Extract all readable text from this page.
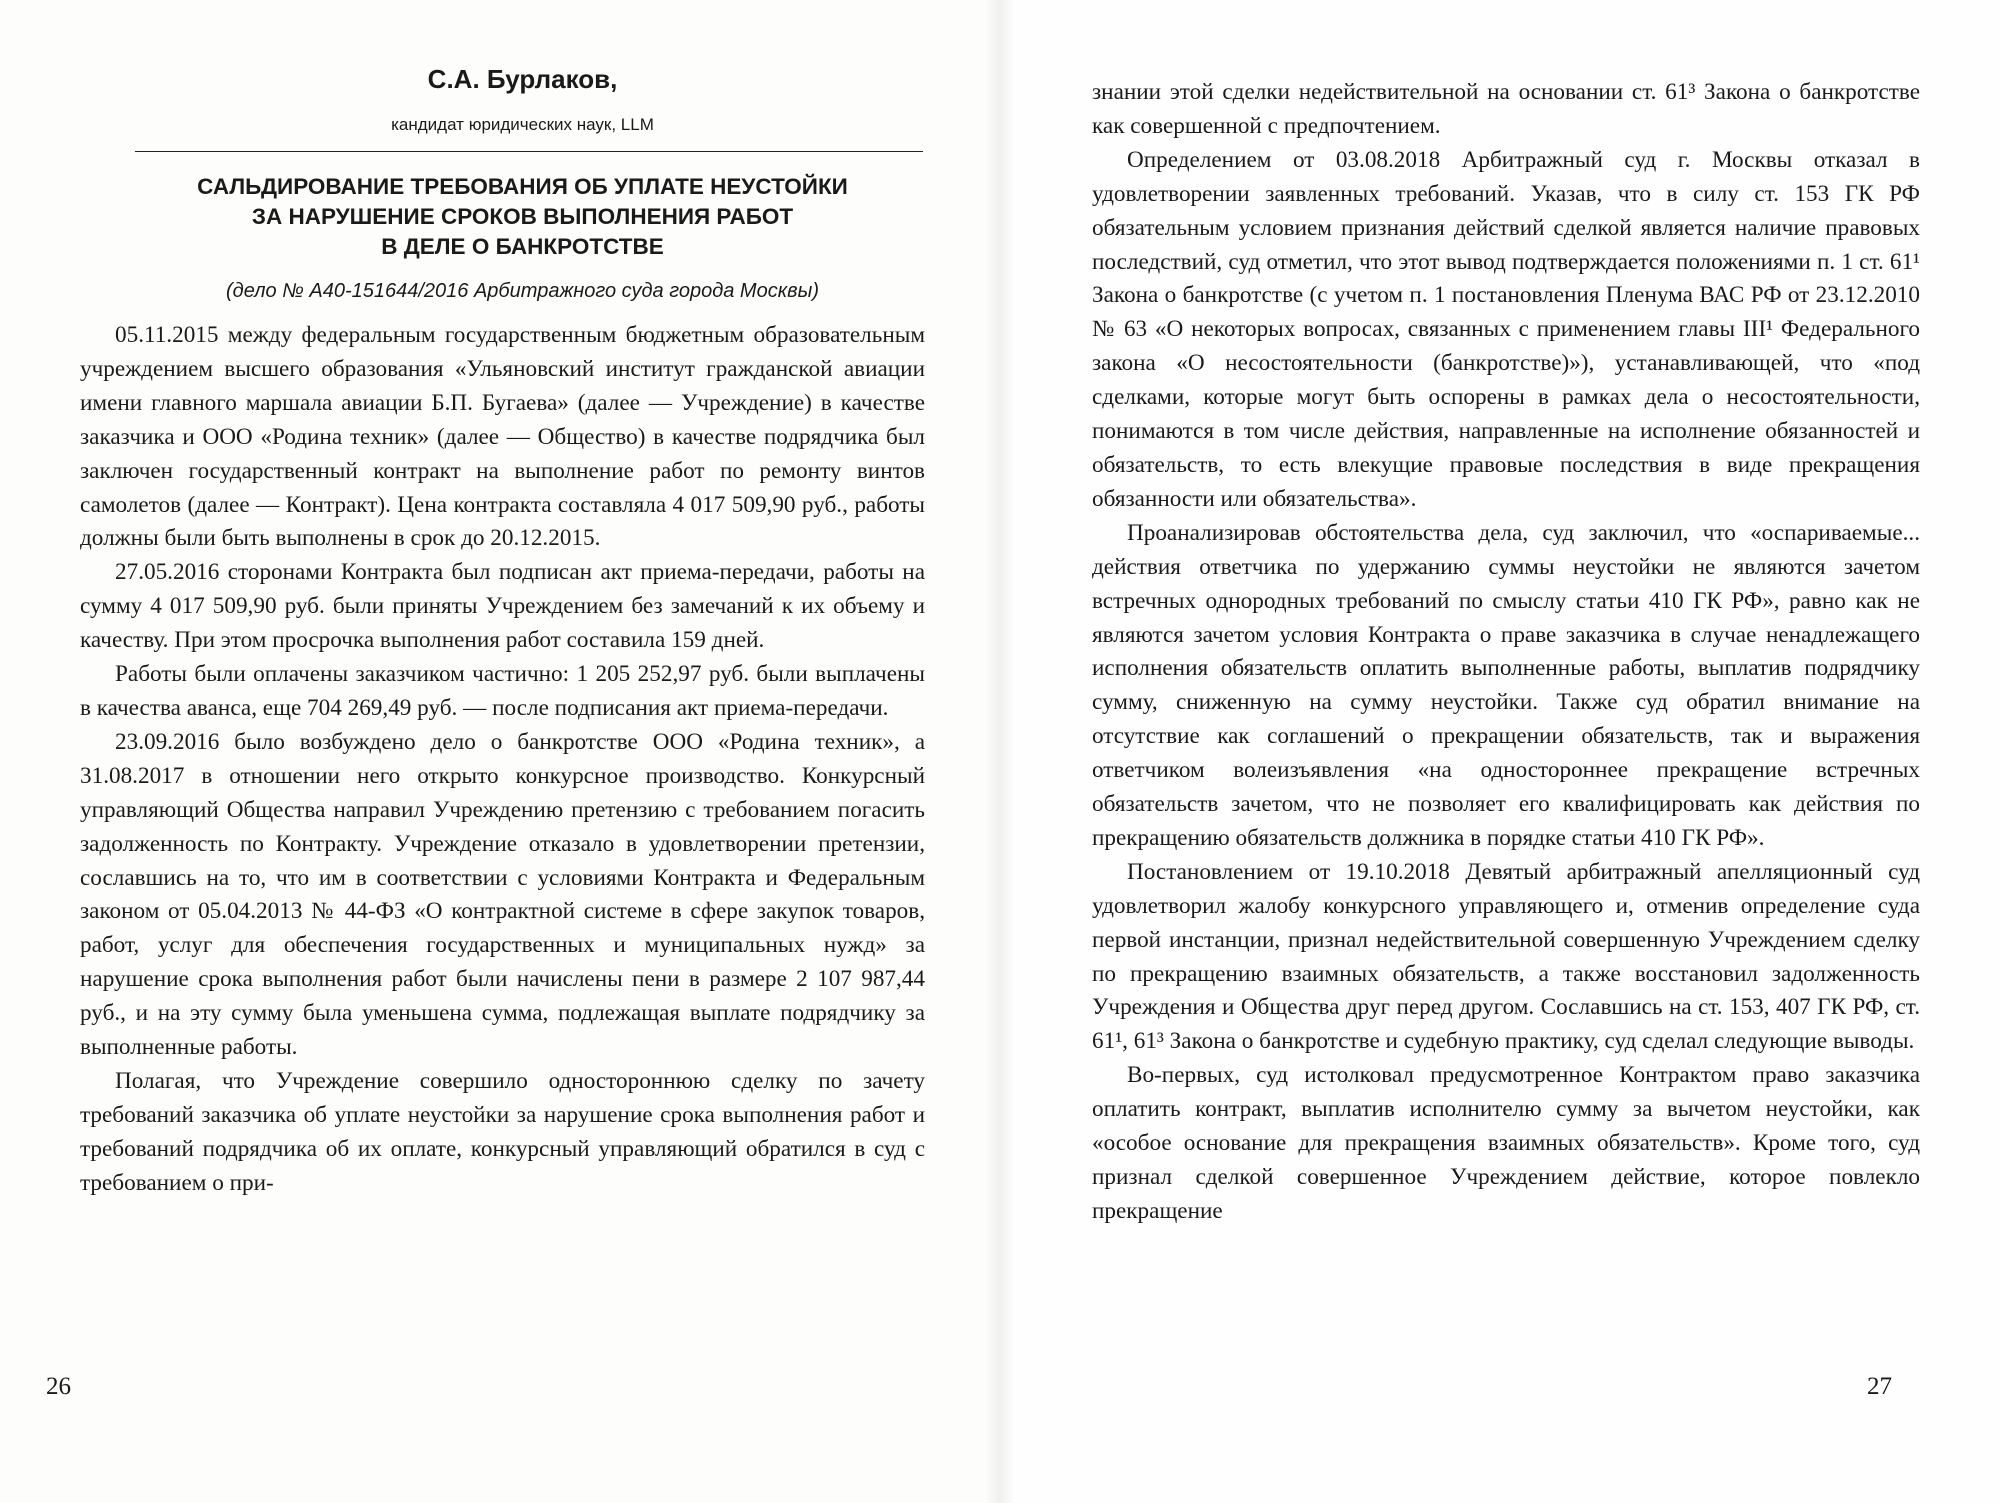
С.А. Бурлаков,
кандидат юридических наук, LLM
САЛЬДИРОВАНИЕ ТРЕБОВАНИЯ ОБ УПЛАТЕ НЕУСТОЙКИ
ЗА НАРУШЕНИЕ СРОКОВ ВЫПОЛНЕНИЯ РАБОТ
В ДЕЛЕ О БАНКРОТСТВЕ
(дело № А40-151644/2016 Арбитражного суда города Москвы)

05.11.2015 между федеральным государственным бюджетным образовательным учреждением высшего образования «Ульяновский институт гражданской авиации имени главного маршала авиации Б.П. Бугаева» (далее — Учреждение) в качестве заказчика и ООО «Родина техник» (далее — Общество) в качестве подрядчика был заключен государственный контракт на выполнение работ по ремонту винтов самолетов (далее — Контракт). Цена контракта составляла 4 017 509,90 руб., работы должны были быть выполнены в срок до 20.12.2015.

27.05.2016 сторонами Контракта был подписан акт приема-передачи, работы на сумму 4 017 509,90 руб. были приняты Учреждением без замечаний к их объему и качеству. При этом просрочка выполнения работ составила 159 дней.

Работы были оплачены заказчиком частично: 1 205 252,97 руб. были выплачены в качества аванса, еще 704 269,49 руб. — после подписания акт приема-передачи.

23.09.2016 было возбуждено дело о банкротстве ООО «Родина техник», а 31.08.2017 в отношении него открыто конкурсное производство. Конкурсный управляющий Общества направил Учреждению претензию с требованием погасить задолженность по Контракту. Учреждение отказало в удовлетворении претензии, сославшись на то, что им в соответствии с условиями Контракта и Федеральным законом от 05.04.2013 № 44-ФЗ «О контрактной системе в сфере закупок товаров, работ, услуг для обеспечения государственных и муниципальных нужд» за нарушение срока выполнения работ были начислены пени в размере 2 107 987,44 руб., и на эту сумму была уменьшена сумма, подлежащая выплате подрядчику за выполненные работы.

Полагая, что Учреждение совершило одностороннюю сделку по зачету требований заказчика об уплате неустойки за нарушение срока выполнения работ и требований подрядчика об их оплате, конкурсный управляющий обратился в суд с требованием о при-

26	27

знании этой сделки недействительной на основании ст. 61³ Закона о банкротстве как совершенной с предпочтением.

Определением от 03.08.2018 Арбитражный суд г. Москвы отказал в удовлетворении заявленных требований. Указав, что в силу ст. 153 ГК РФ обязательным условием признания действий сделкой является наличие правовых последствий, суд отметил, что этот вывод подтверждается положениями п. 1 ст. 61¹ Закона о банкротстве (с учетом п. 1 постановления Пленума ВАС РФ от 23.12.2010 № 63 «О некоторых вопросах, связанных с применением главы III¹ Федерального закона «О несостоятельности (банкротстве)»), устанавливающей, что «под сделками, которые могут быть оспорены в рамках дела о несостоятельности, понимаются в том числе действия, направленные на исполнение обязанностей и обязательств, то есть влекущие правовые последствия в виде прекращения обязанности или обязательства».

Проанализировав обстоятельства дела, суд заключил, что «оспариваемые... действия ответчика по удержанию суммы неустойки не являются зачетом встречных однородных требований по смыслу статьи 410 ГК РФ», равно как не являются зачетом условия Контракта о праве заказчика в случае ненадлежащего исполнения обязательств оплатить выполненные работы, выплатив подрядчику сумму, сниженную на сумму неустойки. Также суд обратил внимание на отсутствие как соглашений о прекращении обязательств, так и выражения ответчиком волеизъявления «на одностороннее прекращение встречных обязательств зачетом, что не позволяет его квалифицировать как действия по прекращению обязательств должника в порядке статьи 410 ГК РФ».

Постановлением от 19.10.2018 Девятый арбитражный апелляционный суд удовлетворил жалобу конкурсного управляющего и, отменив определение суда первой инстанции, признал недействительной совершенную Учреждением сделку по прекращению взаимных обязательств, а также восстановил задолженность Учреждения и Общества друг перед другом. Сославшись на ст. 153, 407 ГК РФ, ст. 61¹, 61³ Закона о банкротстве и судебную практику, суд сделал следующие выводы.

Во-первых, суд истолковал предусмотренное Контрактом право заказчика оплатить контракт, выплатив исполнителю сумму за вычетом неустойки, как «особое основание для прекращения взаимных обязательств». Кроме того, суд признал сделкой совершенное Учреждением действие, которое повлекло прекращение
